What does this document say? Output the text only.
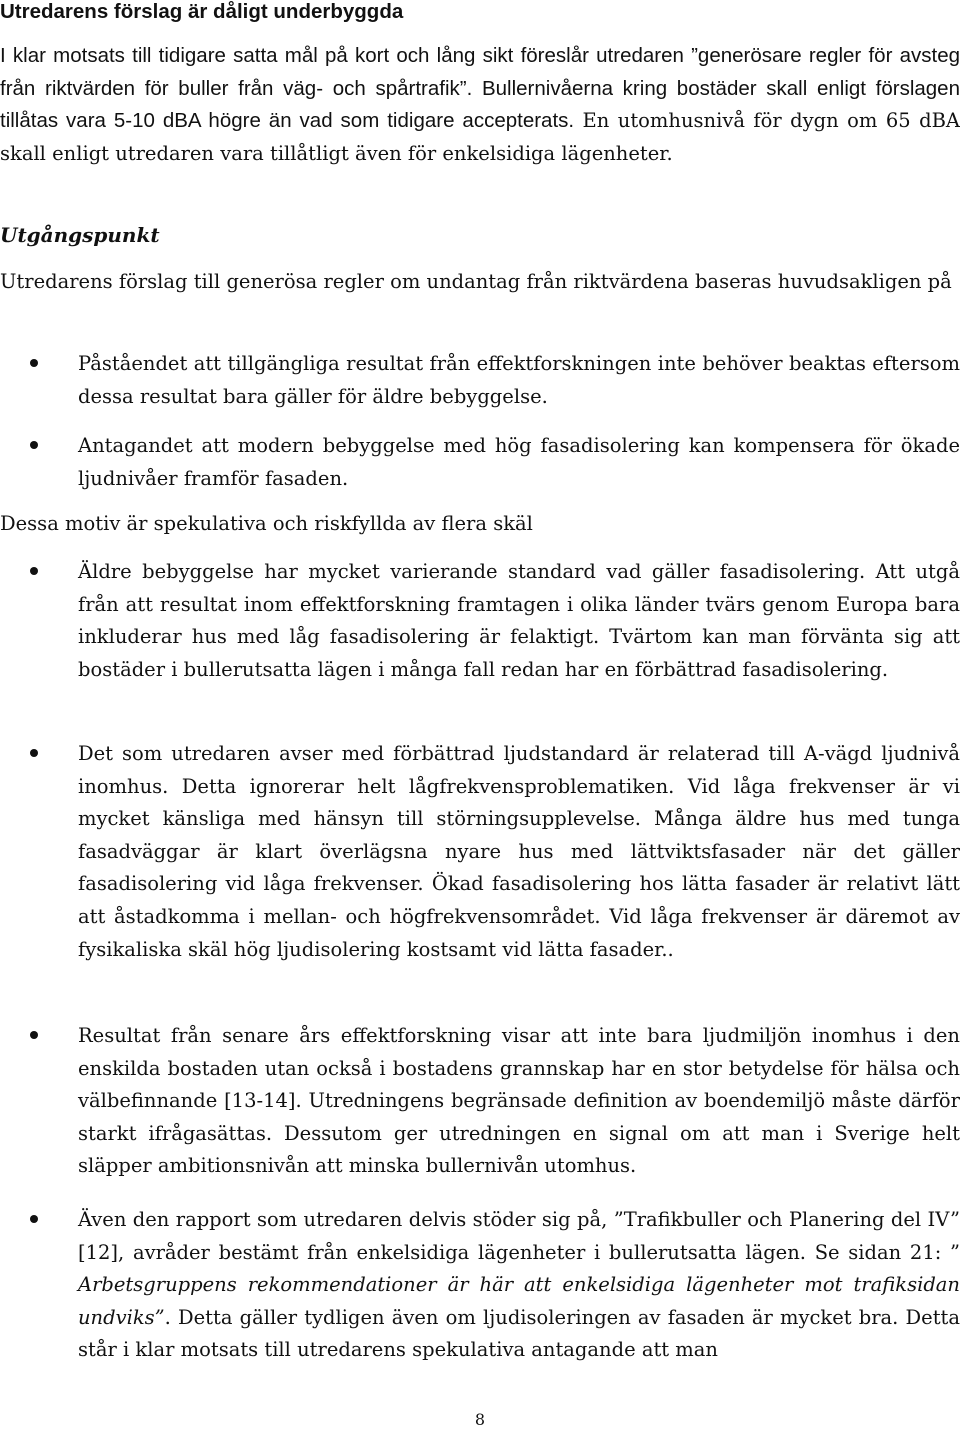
Utredarens förslag är dåligt underbyggda

I klar motsats till tidigare satta mål på kort och lång sikt föreslår utredaren ”generösare regler för avsteg från riktvärden för buller från väg- och spårtrafik”. Bullernivåerna kring bostäder skall enligt förslagen tillåtas vara 5-10 dBA högre än vad som tidigare accepterats. En utomhusnivå för dygn om 65 dBA skall enligt utredaren vara tillåtligt även för enkelsidiga lägenheter.

Utgångspunkt

Utredarens förslag till generösa regler om undantag från riktvärdena baseras huvudsakligen på

Påståendet att tillgängliga resultat från effektforskningen inte behöver beaktas eftersom dessa resultat bara gäller för äldre bebyggelse.

Antagandet att modern bebyggelse med hög fasadisolering kan kompensera för ökade ljudnivåer framför fasaden.

Dessa motiv är spekulativa och riskfyllda av flera skäl

Äldre bebyggelse har mycket varierande standard vad gäller fasadisolering. Att utgå från att resultat inom effektforskning framtagen i olika länder tvärs genom Europa bara inkluderar hus med låg fasadisolering är felaktigt. Tvärtom kan man förvänta sig att bostäder i bullerutsatta lägen i många fall redan har en förbättrad fasadisolering.

Det som utredaren avser med förbättrad ljudstandard är relaterad till A-vägd ljudnivå inomhus. Detta ignorerar helt lågfrekvensproblematiken. Vid låga frekvenser är vi mycket känsliga med hänsyn till störningsupplevelse. Många äldre hus med tunga fasadväggar är klart överlägsna nyare hus med lättviktsfasader när det gäller fasadisolering vid låga frekvenser. Ökad fasadisolering hos lätta fasader är relativt lätt att åstadkomma i mellan- och högfrekvensområdet. Vid låga frekvenser är däremot av fysikaliska skäl hög ljudisolering kostsamt vid lätta fasader..

Resultat från senare års effektforskning visar att inte bara ljudmiljön inomhus i den enskilda bostaden utan också i bostadens grannskap har en stor betydelse för hälsa och välbefinnande [13-14]. Utredningens begränsade definition av boendemiljö måste därför starkt ifrågasättas. Dessutom ger utredningen en signal om att man i Sverige helt släpper ambitionsnivån att minska bullernivån utomhus.

Även den rapport som utredaren delvis stöder sig på, ”Trafikbuller och Planering del IV” [12], avråder bestämt från enkelsidiga lägenheter i bullerutsatta lägen. Se sidan 21: ” Arbetsgruppens rekommendationer är här att enkelsidiga lägenheter mot trafiksidan undviks”. Detta gäller tydligen även om ljudisoleringen av fasaden är mycket bra. Detta står i klar motsats till utredarens spekulativa antagande att man

8
